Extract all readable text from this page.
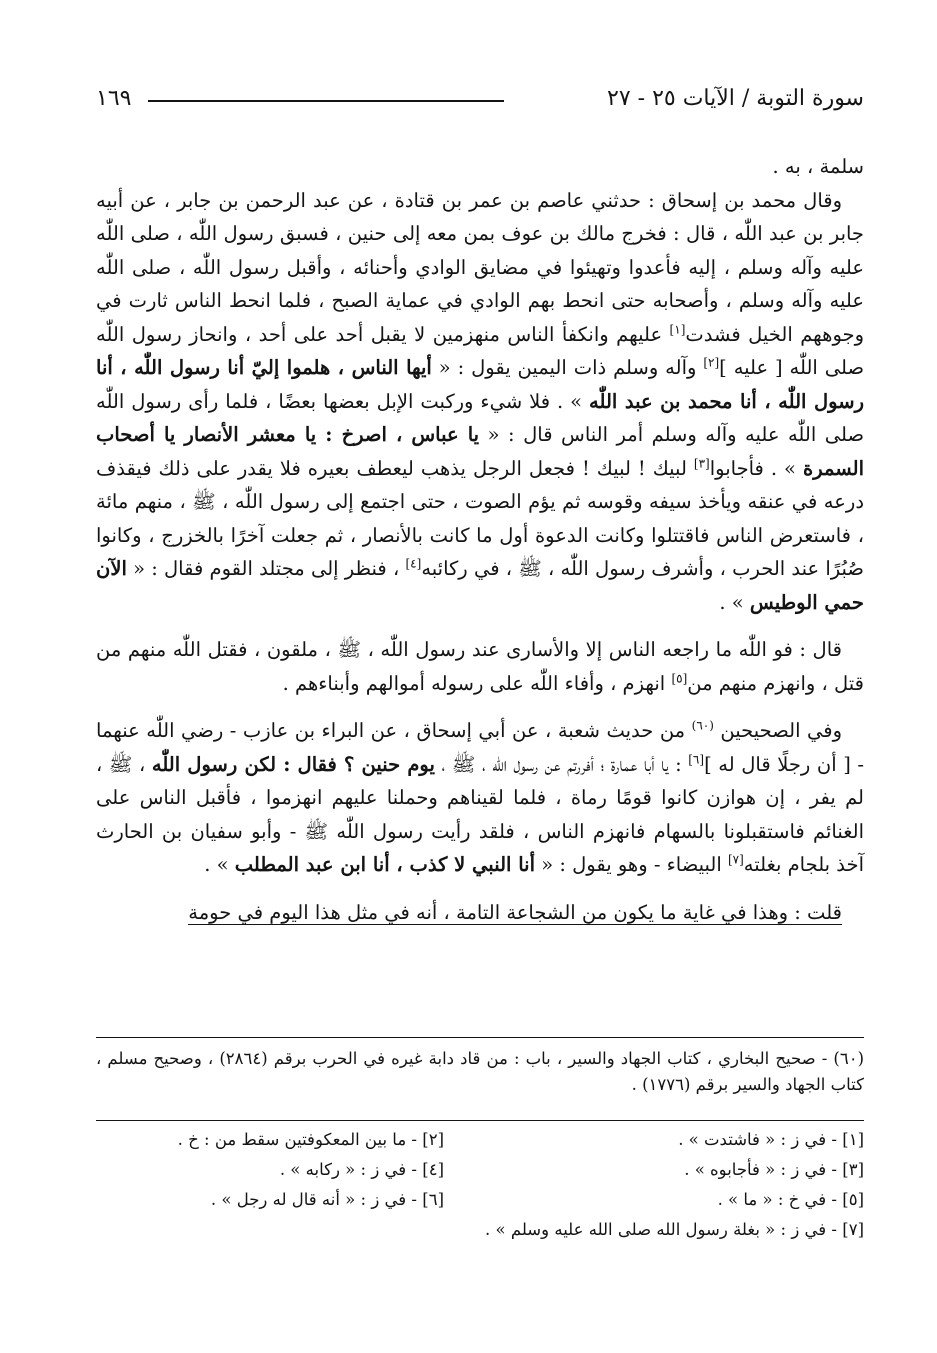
١٦٩	سورة التوبة / الآيات ٢٥ - ٢٧

سلمة ، به .

وقال محمد بن إسحاق : حدثني عاصم بن عمر بن قتادة ، عن عبد الرحمن بن جابر ، عن أبيه جابر بن عبد اللّٰه ، قال : فخرج مالك بن عوف بمن معه إلى حنين ، فسبق رسول اللّٰه ، صلى اللّٰه عليه وآله وسلم ، إليه فأعدوا وتهيئوا في مضايق الوادي وأحنائه ، وأقبل رسول اللّٰه ، صلى اللّٰه عليه وآله وسلم ، وأصحابه حتى انحط بهم الوادي في عماية الصبح ، فلما انحط الناس ثارت في وجوههم الخيل فشدت[١] عليهم وانكفأ الناس منهزمين لا يقبل أحد على أحد ، وانحاز رسول اللّٰه صلى اللّٰه [ عليه ][٢] وآله وسلم ذات اليمين يقول : « أيها الناس ، هلموا إليّ أنا رسول اللّٰه ، أنا رسول اللّٰه ، أنا محمد بن عبد اللّٰه » . فلا شيء وركبت الإبل بعضها بعضًا ، فلما رأى رسول اللّٰه صلى اللّٰه عليه وآله وسلم أمر الناس قال : « يا عباس ، اصرخ : يا معشر الأنصار يا أصحاب السمرة » . فأجابوا[٣] لبيك ! لبيك ! فجعل الرجل يذهب ليعطف بعيره فلا يقدر على ذلك فيقذف درعه في عنقه ويأخذ سيفه وقوسه ثم يؤم الصوت ، حتى اجتمع إلى رسول اللّٰه ، ﷺ ، منهم مائة ، فاستعرض الناس فاقتتلوا وكانت الدعوة أول ما كانت بالأنصار ، ثم جعلت آخرًا بالخزرج ، وكانوا صُبُرًا عند الحرب ، وأشرف رسول اللّٰه ، ﷺ ، في ركائبه[٤] ، فنظر إلى مجتلد القوم فقال : « الآن حمي الوطيس » .

قال : فو اللّٰه ما راجعه الناس إلا والأسارى عند رسول اللّٰه ، ﷺ ، ملقون ، فقتل اللّٰه منهم من قتل ، وانهزم منهم من[٥] انهزم ، وأفاء اللّٰه على رسوله أموالهم وأبناءهم .

وفي الصحيحين $^{(٦٠)}$ من حديث شعبة ، عن أبي إسحاق ، عن البراء بن عازب - رضي اللّٰه عنهما - [ أن رجلًا قال له ][٦] : يا أبا عمارة ؛ أفررتم عن رسول اللّٰه ، ﷺ ، يوم حنين ؟ فقال : لكن رسول اللّٰه ، ﷺ ، لم يفر ، إن هوازن كانوا قومًا رماة ، فلما لقيناهم وحملنا عليهم انهزموا ، فأقبل الناس على الغنائم فاستقبلونا بالسهام فانهزم الناس ، فلقد رأيت رسول اللّٰه ﷺ - وأبو سفيان بن الحارث آخذ بلجام بغلته[٧] البيضاء - وهو يقول : « أنا النبي لا كذب ، أنا ابن عبد المطلب » .

قلت : وهذا في غاية ما يكون من الشجاعة التامة ، أنه في مثل هذا اليوم في حومة

(٦٠) - صحيح البخاري ، كتاب الجهاد والسير ، باب : من قاد دابة غيره في الحرب برقم (٢٨٦٤) ، وصحيح مسلم ، كتاب الجهاد والسير برقم (١٧٧٦) .
[١] - في ز : « فاشتدت » .
[٢] - ما بين المعكوفتين سقط من : خ .
[٣] - في ز : « فأجابوه » .
[٤] - في ز : « ركابه » .
[٥] - في خ : « ما » .
[٦] - في ز : « أنه قال له رجل » .
[٧] - في ز : « بغلة رسول الله صلى الله عليه وسلم » .
